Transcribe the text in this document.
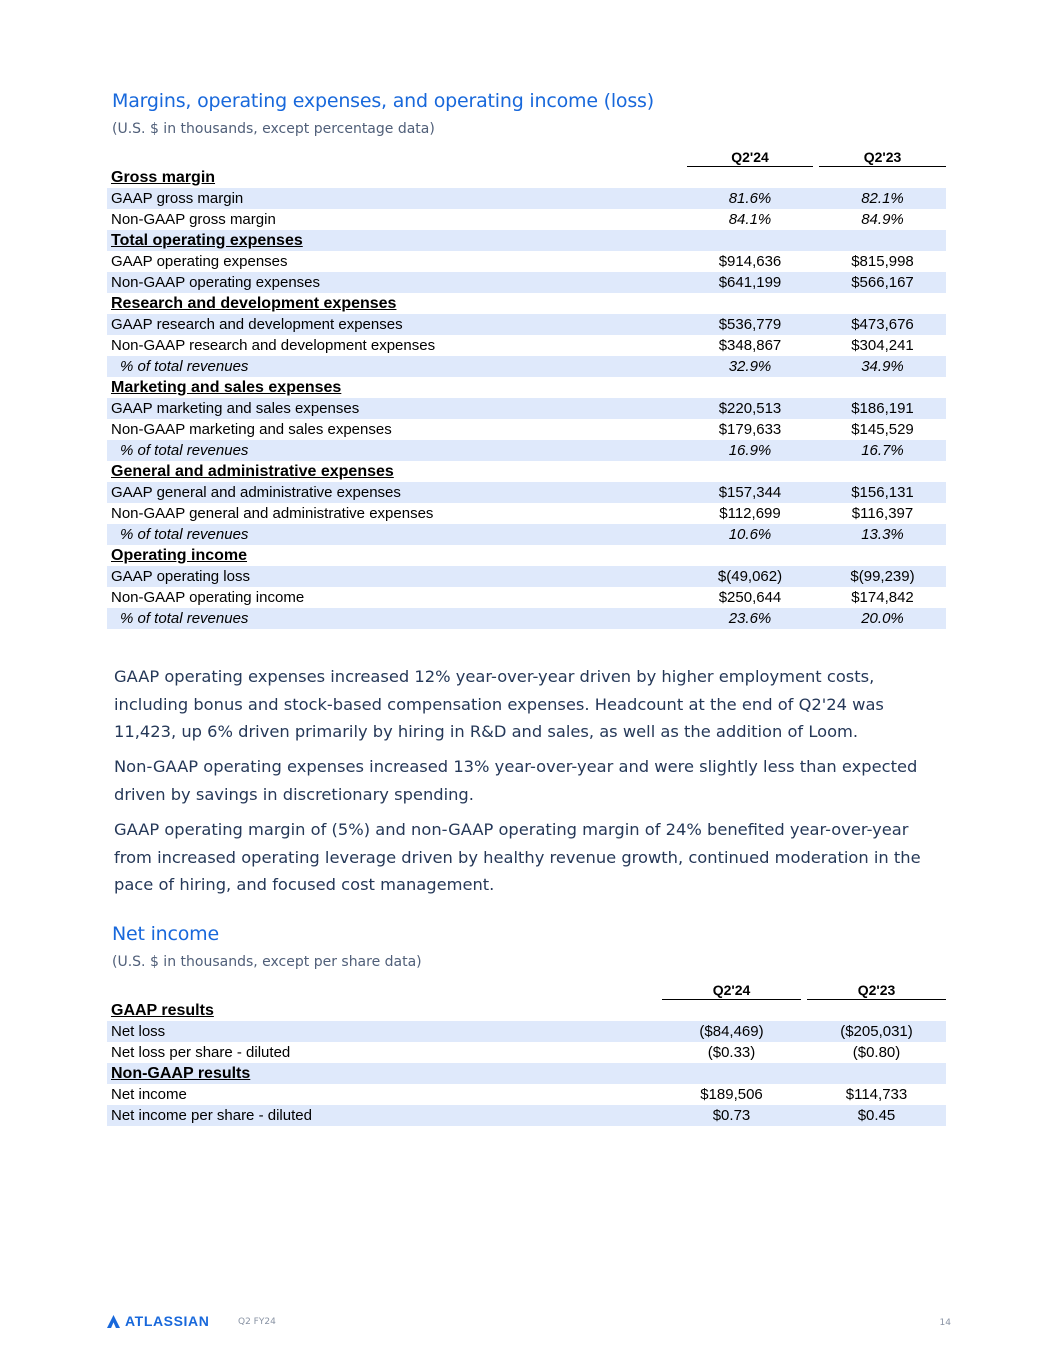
Margins, operating expenses, and operating income (loss)

(U.S. $ in thousands, except percentage data)

	Q2'24		Q2'23

Gross margin			
GAAP gross margin	81.6%		82.1%
Non-GAAP gross margin	84.1%		84.9%
Total operating expenses			
GAAP operating expenses	$914,636		$815,998
Non-GAAP operating expenses	$641,199		$566,167
Research and development expenses			
GAAP research and development expenses	$536,779		$473,676
Non-GAAP research and development expenses	$348,867		$304,241
% of total revenues	32.9%		34.9%
Marketing and sales expenses			
GAAP marketing and sales expenses	$220,513		$186,191
Non-GAAP marketing and sales expenses	$179,633		$145,529
% of total revenues	16.9%		16.7%
General and administrative expenses			
GAAP general and administrative expenses	$157,344		$156,131
Non-GAAP general and administrative expenses	$112,699		$116,397
% of total revenues	10.6%		13.3%
Operating income			
GAAP operating loss	$(49,062)		$(99,239)
Non-GAAP operating income	$250,644		$174,842
% of total revenues	23.6%		20.0%

GAAP operating expenses increased 12% year-over-year driven by higher employment costs, including bonus and stock-based compensation expenses. Headcount at the end of Q2'24 was 11,423, up 6% driven primarily by hiring in R&D and sales, as well as the addition of Loom.

Non-GAAP operating expenses increased 13% year-over-year and were slightly less than expected driven by savings in discretionary spending.

GAAP operating margin of (5%) and non-GAAP operating margin of 24% benefited year-over-year from increased operating leverage driven by healthy revenue growth, continued moderation in the pace of hiring, and focused cost management.

Net income

(U.S. $ in thousands, except per share data)

	Q2'24		Q2'23

GAAP results			
Net loss	($84,469)		($205,031)
Net loss per share - diluted	($0.33)		($0.80)
Non-GAAP results			
Net income	$189,506		$114,733
Net income per share - diluted	$0.73		$0.45
ATLASSIAN	Q2 FY24	14
